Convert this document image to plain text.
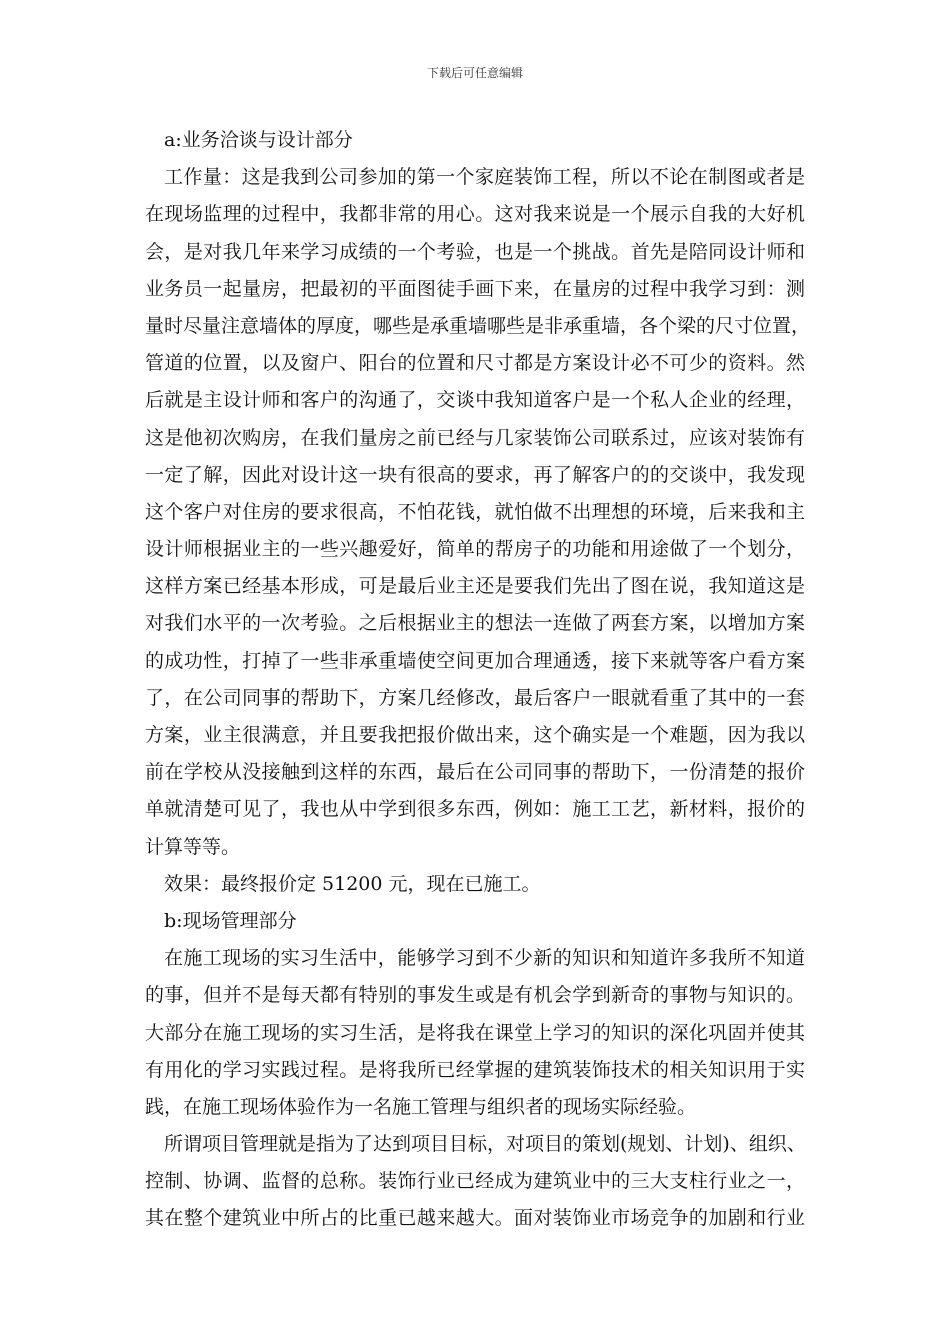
下载后可任意编辑
a:业务洽谈与设计部分
工作量：这是我到公司参加的第一个家庭装饰工程，所以不论在制图或者是
在现场监理的过程中，我都非常的用心。这对我来说是一个展示自我的大好机
会，是对我几年来学习成绩的一个考验，也是一个挑战。首先是陪同设计师和
业务员一起量房，把最初的平面图徒手画下来，在量房的过程中我学习到：测
量时尽量注意墙体的厚度，哪些是承重墙哪些是非承重墙，各个梁的尺寸位置，
管道的位置，以及窗户、阳台的位置和尺寸都是方案设计必不可少的资料。然
后就是主设计师和客户的沟通了，交谈中我知道客户是一个私人企业的经理，
这是他初次购房，在我们量房之前已经与几家装饰公司联系过，应该对装饰有
一定了解，因此对设计这一块有很高的要求，再了解客户的的交谈中，我发现
这个客户对住房的要求很高，不怕花钱，就怕做不出理想的环境，后来我和主
设计师根据业主的一些兴趣爱好，简单的帮房子的功能和用途做了一个划分，
这样方案已经基本形成，可是最后业主还是要我们先出了图在说，我知道这是
对我们水平的一次考验。之后根据业主的想法一连做了两套方案，以增加方案
的成功性，打掉了一些非承重墙使空间更加合理通透，接下来就等客户看方案
了，在公司同事的帮助下，方案几经修改，最后客户一眼就看重了其中的一套
方案，业主很满意，并且要我把报价做出来，这个确实是一个难题，因为我以
前在学校从没接触到这样的东西，最后在公司同事的帮助下，一份清楚的报价
单就清楚可见了，我也从中学到很多东西，例如：施工工艺，新材料，报价的
计算等等。
效果：最终报价定 51200 元，现在已施工。
b:现场管理部分
在施工现场的实习生活中，能够学习到不少新的知识和知道许多我所不知道
的事，但并不是每天都有特别的事发生或是有机会学到新奇的事物与知识的。
大部分在施工现场的实习生活，是将我在课堂上学习的知识的深化巩固并使其
有用化的学习实践过程。是将我所已经掌握的建筑装饰技术的相关知识用于实
践，在施工现场体验作为一名施工管理与组织者的现场实际经验。
所谓项目管理就是指为了达到项目目标，对项目的策划(规划、计划)、组织、
控制、协调、监督的总称。装饰行业已经成为建筑业中的三大支柱行业之一，
其在整个建筑业中所占的比重已越来越大。面对装饰业市场竞争的加剧和行业
